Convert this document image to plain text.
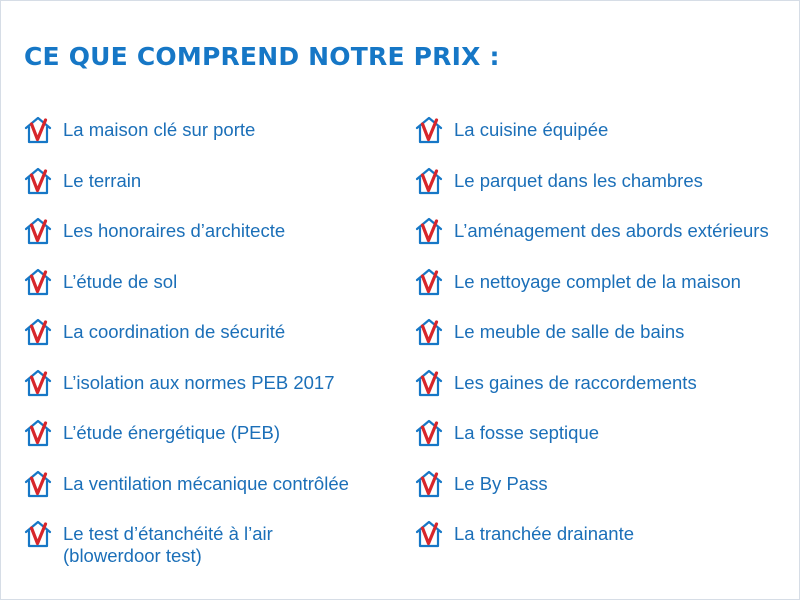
CE QUE COMPREND NOTRE PRIX :
La maison clé sur porte
Le terrain
Les honoraires d’architecte
L’étude de sol
La coordination de sécurité
L’isolation aux normes PEB 2017
L’étude énergétique (PEB)
La ventilation mécanique contrôlée
Le test d’étanchéité à l’air
(blowerdoor test)
La cuisine équipée
Le parquet dans les chambres
L’aménagement des abords extérieurs
Le nettoyage complet de la maison
Le meuble de salle de bains
Les gaines de raccordements
La fosse septique
Le By Pass
La tranchée drainante
